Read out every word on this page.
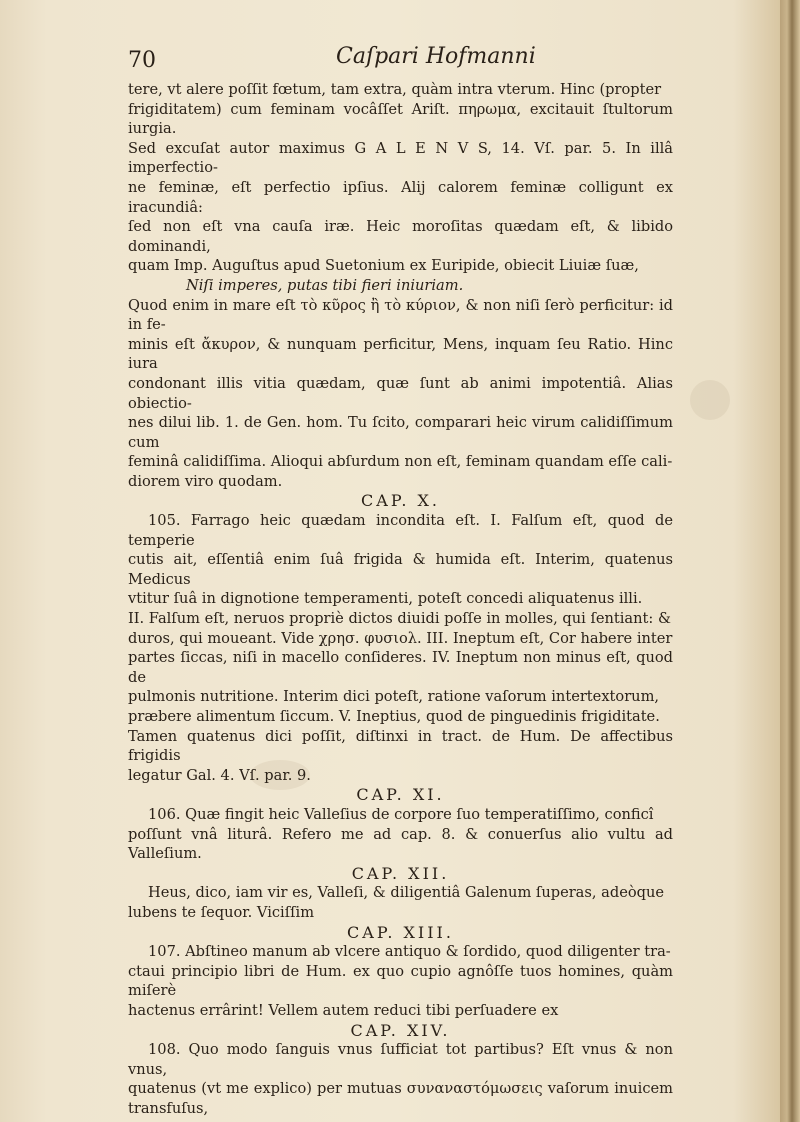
70	Caſpari Hofmanni

tere, vt alere poſſit fœtum, tam extra, quàm intra vterum. Hinc (propter

frigiditatem) cum feminam vocâſſet Ariſt. πηρωμα, excitauit ſtultorum iurgia.

Sed excuſat autor maximus G A L E N V S, 14. Vſ. par. 5. In illâ imperfectio-

ne feminæ, eſt perfectio ipſius. Alij calorem feminæ colligunt ex iracundiâ:

ſed non eſt vna cauſa iræ. Heic moroſitas quædam eſt, & libido dominandi,

quam Imp. Auguſtus apud Suetonium ex Euripide, obiecit Liuiæ ſuæ,

Niſi imperes, putas tibi fieri iniuriam.

Quod enim in mare eſt τὸ κῦρος ἢ τὸ κύριον, & non niſi ſerò perficitur: id in fe-

minis eſt ἄκυρον, & nunquam perficitur, Mens, inquam ſeu Ratio. Hinc iura

condonant illis vitia quædam, quæ ſunt ab animi impotentiâ. Alias obiectio-

nes dilui lib. 1. de Gen. hom. Tu ſcito, comparari heic virum calidiſſimum cum

feminâ calidiſſima. Alioqui abſurdum non eſt, feminam quandam eſſe cali-

diorem viro quodam.

CAP. X.

105. Farrago heic quædam incondita eſt. I. Falſum eſt, quod de temperie

cutis ait, eſſentiâ enim ſuâ frigida & humida eſt. Interim, quatenus Medicus

vtitur ſuâ in dignotione temperamenti, poteſt concedi aliquatenus illi.

II. Falſum eſt, neruos propriè dictos diuidi poſſe in molles, qui ſentiant: &

duros, qui moueant. Vide χρησ. φυσιολ. III. Ineptum eſt, Cor habere inter

partes ſiccas, niſi in macello conſideres. IV. Ineptum non minus eſt, quod de

pulmonis nutritione. Interim dici poteſt, ratione vaſorum intertextorum,

præbere alimentum ſiccum. V. Ineptius, quod de pinguedinis frigiditate.

Tamen quatenus dici poſſit, diſtinxi in tract. de Hum. De affectibus frigidis

legatur Gal. 4. Vſ. par. 9.

CAP. XI.

106. Quæ fingit heic Valleſius de corpore ſuo temperatiſſimo, conficî

poſſunt vnâ liturâ. Refero me ad cap. 8. & conuerſus alio vultu ad Valleſium.

CAP. XII.

Heus, dico, iam vir es, Valleſi, & diligentiâ Galenum ſuperas, adeòque

lubens te ſequor. Viciſſim

CAP. XIII.

107. Abſtineo manum ab vlcere antiquo & ſordido, quod diligenter tra-

ctaui principio libri de Hum. ex quo cupio agnôſſe tuos homines, quàm miſerè

hactenus errârint! Vellem autem reduci tibi perſuadere ex

CAP. XIV.

108. Quo modo ſanguis vnus ſufficiat tot partibus? Eſt vnus & non vnus,

quatenus (vt me explico) per mutuas συναναστόμωσεις vaſorum inuicem transfuſus,
